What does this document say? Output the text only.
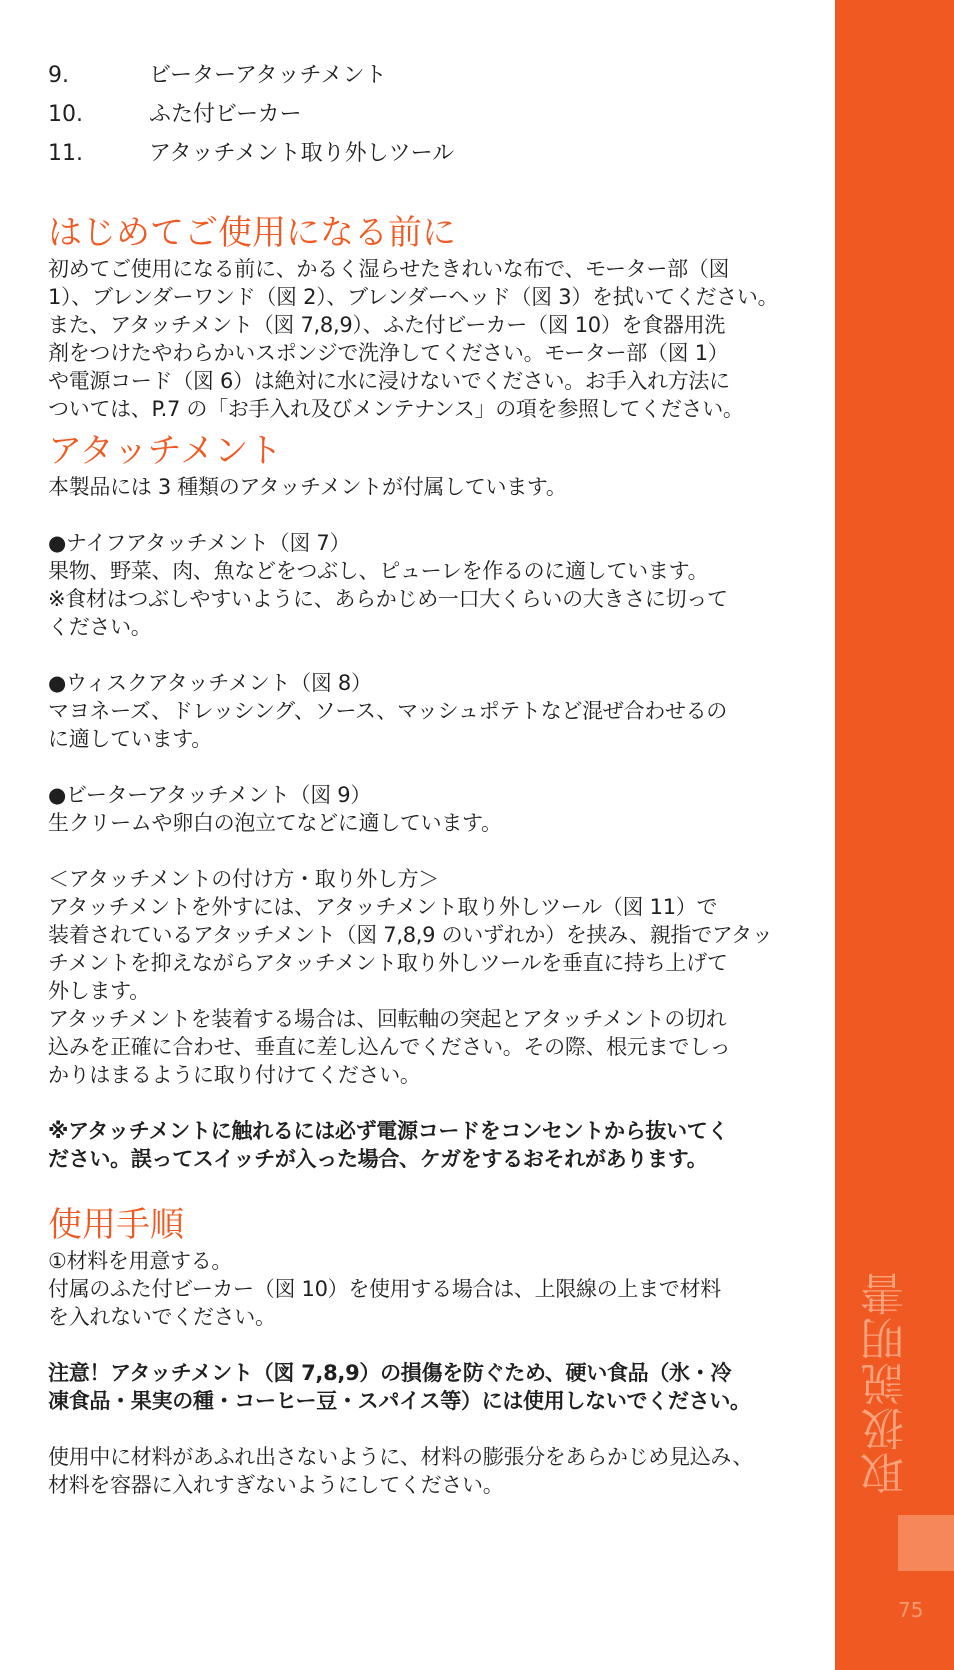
9.	ビーターアタッチメント
10.	ふた付ビーカー
11.	アタッチメント取り外しツール
はじめてご使用になる前に

初めてご使用になる前に、かるく湿らせたきれいな布で、モーター部（図

1）、ブレンダーワンド（図 2）、ブレンダーヘッド（図 3）を拭いてください。

また、アタッチメント（図 7,8,9）、ふた付ビーカー（図 10）を食器用洗

剤をつけたやわらかいスポンジで洗浄してください。モーター部（図 1）

や電源コード（図 6）は絶対に水に浸けないでください。お手入れ方法に

ついては、P.7 の「お手入れ及びメンテナンス」の項を参照してください。

アタッチメント

本製品には 3 種類のアタッチメントが付属しています。

●ナイフアタッチメント（図 7）

果物、野菜、肉、魚などをつぶし、ピューレを作るのに適しています。

※食材はつぶしやすいように、あらかじめ一口大くらいの大きさに切って

ください。

●ウィスクアタッチメント（図 8）

マヨネーズ、ドレッシング、ソース、マッシュポテトなど混ぜ合わせるの

に適しています。

●ビーターアタッチメント（図 9）

生クリームや卵白の泡立てなどに適しています。

＜アタッチメントの付け方・取り外し方＞

アタッチメントを外すには、アタッチメント取り外しツール（図 11）で

装着されているアタッチメント（図 7,8,9 のいずれか）を挟み、親指でアタッ

チメントを抑えながらアタッチメント取り外しツールを垂直に持ち上げて

外します。

アタッチメントを装着する場合は、回転軸の突起とアタッチメントの切れ

込みを正確に合わせ、垂直に差し込んでください。その際、根元までしっ

かりはまるように取り付けてください。

※アタッチメントに触れるには必ず電源コードをコンセントから抜いてく

ださい。誤ってスイッチが入った場合、ケガをするおそれがあります。

使用手順

①材料を用意する。

付属のふた付ビーカー（図 10）を使用する場合は、上限線の上まで材料

を入れないでください。

注意！アタッチメント（図 7,8,9）の損傷を防ぐため、硬い食品（氷・冷

凍食品・果実の種・コーヒー豆・スパイス等）には使用しないでください。

使用中に材料があふれ出さないように、材料の膨張分をあらかじめ見込み、

材料を容器に入れすぎないようにしてください。	取扱説明書
75
